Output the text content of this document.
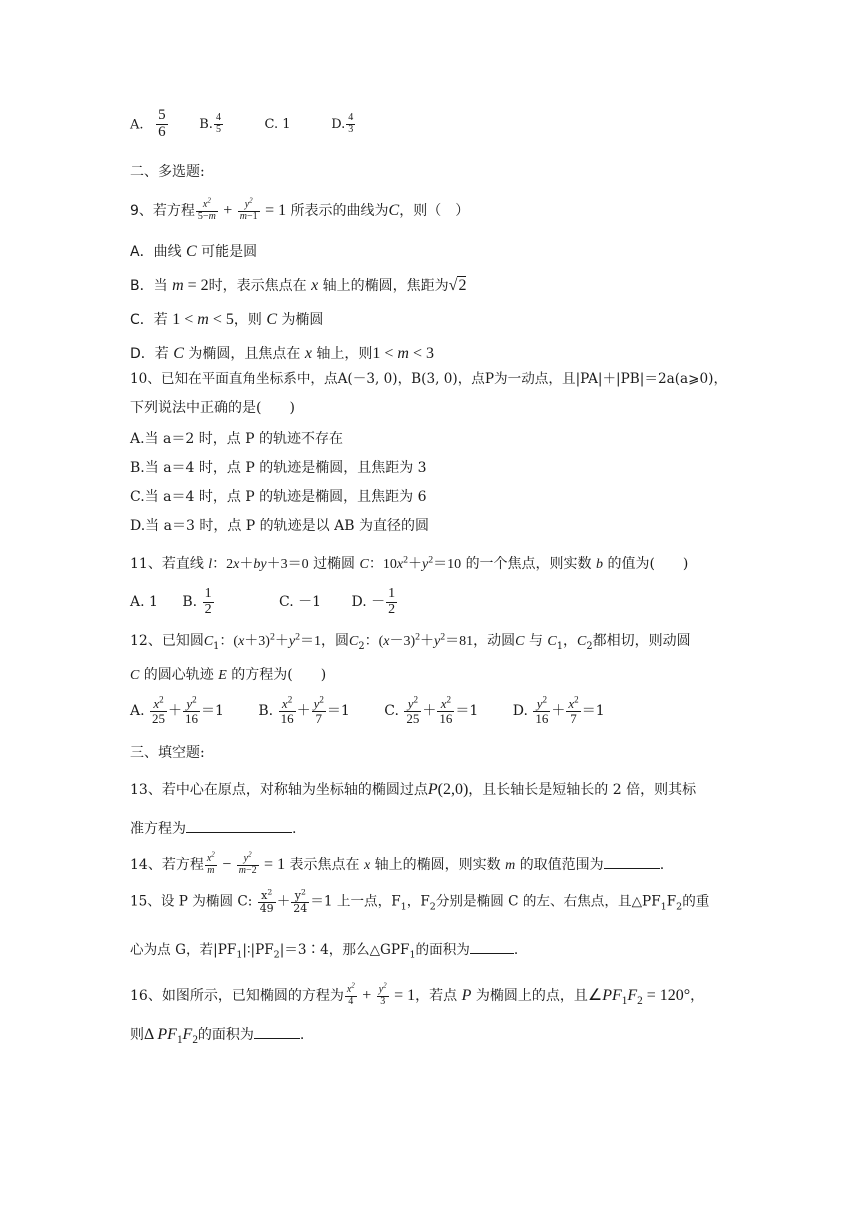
A. $\frac{5}{6} B$. $\frac{4}{5}$	C. 1	D. $\frac{4}{3}$
二、多选题:
9、若方程 $\frac{x^2}{5-m} + \frac{y^2}{m-1} = 1$ 所表示的曲线为C，则（　）
A．曲线 C 可能是圆
B．当 m = 2时，表示焦点在 x 轴上的椭圆，焦距为√2
C．若 1 < m < 5，则 C 为椭圆
D．若 C 为椭圆，且焦点在 x 轴上，则1 < m < 3
10、已知在平面直角坐标系中，点A(－3, 0)，B(3, 0)，点P为一动点，且|PA|＋|PB|＝2a(a⩾0)，
下列说法中正确的是(　　)
A.当 a＝2 时，点 P 的轨迹不存在
B.当 a＝4 时，点 P 的轨迹是椭圆，且焦距为 3
C.当 a＝4 时，点 P 的轨迹是椭圆，且焦距为 6
D.当 a＝3 时，点 P 的轨迹是以 AB 为直径的圆
11、若直线 l：2x＋by＋3＝0 过椭圆 C：$10x^2+y^2=10$ 的一个焦点，则实数 b 的值为(　　)
A. 1 B. $\frac{1}{2}$	C. －1 D. － $\frac{1}{2}$
12、已知圆$C_1$：$(x+3)^2+y^2=1$，圆$C_2$：$(x-3)^2+y^2=81$，动圆C 与 $C_1$，$C_2$都相切，则动圆
C 的圆心轨迹 E 的方程为(　　)
A. $\frac{x^2}{25} + \frac{y^2}{16} =1$ B. $\frac{x^2}{16} + \frac{y^2}{7} =1$ C. $\frac{y^2}{25} + \frac{x^2}{16} =1$ D. $\frac{y^2}{16} + \frac{x^2}{7} =1$
三、填空题:
13、若中心在原点，对称轴为坐标轴的椭圆过点P(2,0)，且长轴长是短轴长的 2 倍，则其标
准方程为	.
14、若方程 $\frac{x^2}{m} - \frac{y^2}{m-2} = 1$ 表示焦点在 x 轴上的椭圆，则实数 m 的取值范围为	.
15、设 P 为椭圆 C: $\frac{x^2}{49} + \frac{y^2}{24} =1$ 上一点，$F_1$，$F_2$分别是椭圆 C 的左、右焦点，且$\triangle PF_1F_2$的重
心为点 G，若$|PF_1|∶|PF_2|=3∶4$，那么$\triangle GPF_1$的面积为	.
16、如图所示，已知椭圆的方程为 $\frac{x^2}{4} + \frac{y^2}{3} = 1$，若点 P 为椭圆上的点，且$\angle PF_1F_2 = 120^\circ$，
则Δ $PF_1F_2$的面积为	.
